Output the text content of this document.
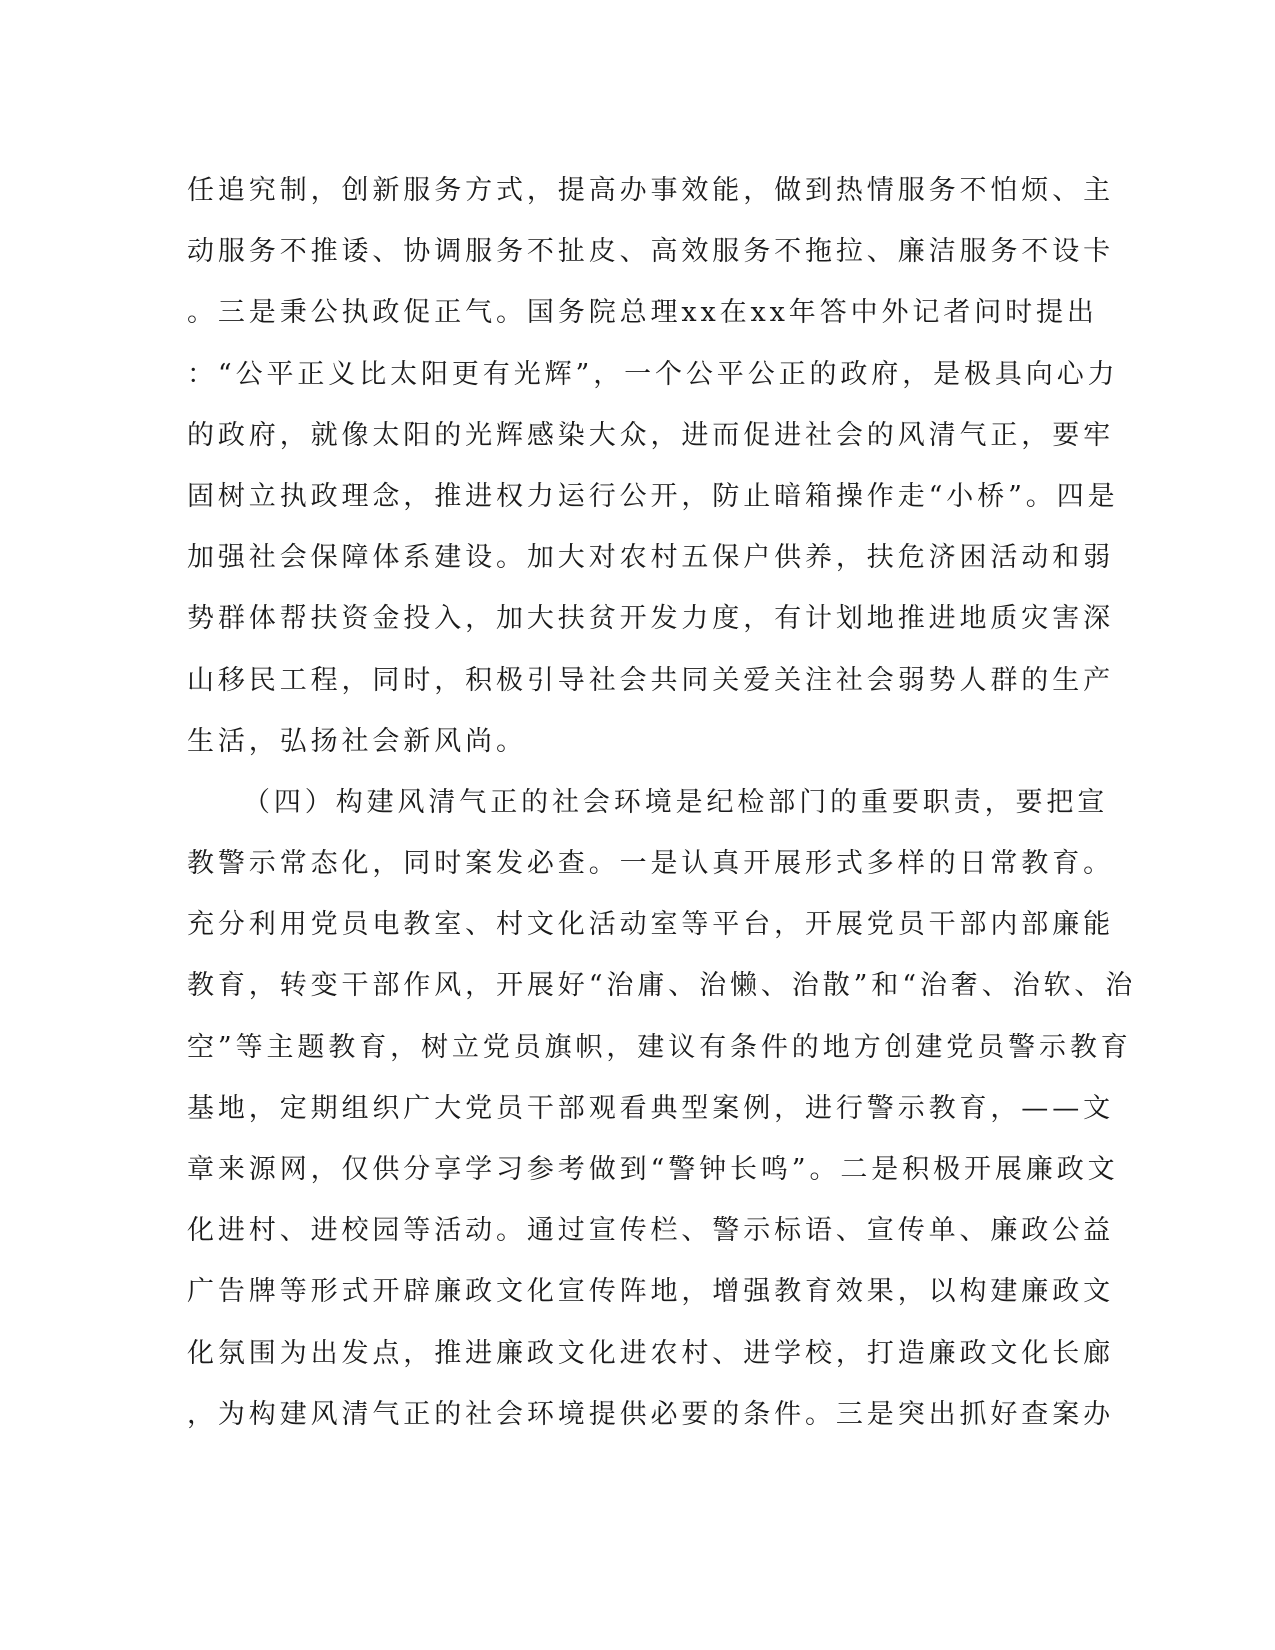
任追究制，创新服务方式，提高办事效能，做到热情服务不怕烦、主
动服务不推诿、协调服务不扯皮、高效服务不拖拉、廉洁服务不设卡
。三是秉公执政促正气。国务院总理xx在xx年答中外记者问时提出
：“公平正义比太阳更有光辉”，一个公平公正的政府，是极具向心力
的政府，就像太阳的光辉感染大众，进而促进社会的风清气正，要牢
固树立执政理念，推进权力运行公开，防止暗箱操作走“小桥”。四是
加强社会保障体系建设。加大对农村五保户供养，扶危济困活动和弱
势群体帮扶资金投入，加大扶贫开发力度，有计划地推进地质灾害深
山移民工程，同时，积极引导社会共同关爱关注社会弱势人群的生产
生活，弘扬社会新风尚。
（四）构建风清气正的社会环境是纪检部门的重要职责，要把宣
教警示常态化，同时案发必查。一是认真开展形式多样的日常教育。
充分利用党员电教室、村文化活动室等平台，开展党员干部内部廉能
教育，转变干部作风，开展好“治庸、治懒、治散”和“治奢、治软、治
空”等主题教育，树立党员旗帜，建议有条件的地方创建党员警示教育
基地，定期组织广大党员干部观看典型案例，进行警示教育，——文
章来源网，仅供分享学习参考做到“警钟长鸣”。二是积极开展廉政文
化进村、进校园等活动。通过宣传栏、警示标语、宣传单、廉政公益
广告牌等形式开辟廉政文化宣传阵地，增强教育效果，以构建廉政文
化氛围为出发点，推进廉政文化进农村、进学校，打造廉政文化长廊
，为构建风清气正的社会环境提供必要的条件。三是突出抓好查案办
